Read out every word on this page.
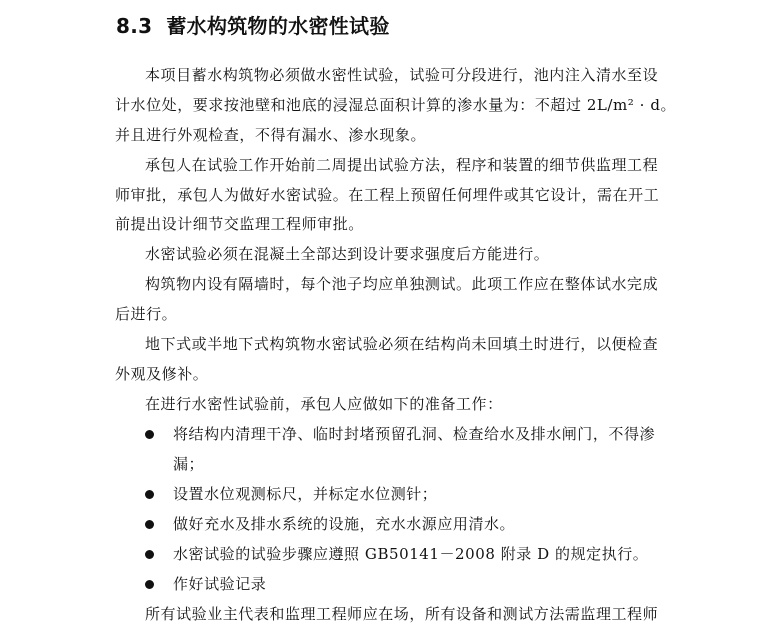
8.3 蓄水构筑物的水密性试验
本项目蓄水构筑物必须做水密性试验，试验可分段进行，池内注入清水至设
计水位处，要求按池壁和池底的浸湿总面积计算的渗水量为：不超过 2L/m² · d。
并且进行外观检查，不得有漏水、渗水现象。
承包人在试验工作开始前二周提出试验方法，程序和装置的细节供监理工程
师审批，承包人为做好水密试验。在工程上预留任何埋件或其它设计，需在开工
前提出设计细节交监理工程师审批。
水密试验必须在混凝土全部达到设计要求强度后方能进行。
构筑物内设有隔墙时，每个池子均应单独测试。此项工作应在整体试水完成
后进行。
地下式或半地下式构筑物水密试验必须在结构尚未回填土时进行，以便检查
外观及修补。
在进行水密性试验前，承包人应做如下的准备工作：
将结构内清理干净、临时封堵预留孔洞、检查给水及排水闸门，不得渗
漏；
设置水位观测标尺，并标定水位测针；
做好充水及排水系统的设施，充水水源应用清水。
水密试验的试验步骤应遵照 GB50141－2008 附录 D 的规定执行。
作好试验记录
所有试验业主代表和监理工程师应在场，所有设备和测试方法需监理工程师
